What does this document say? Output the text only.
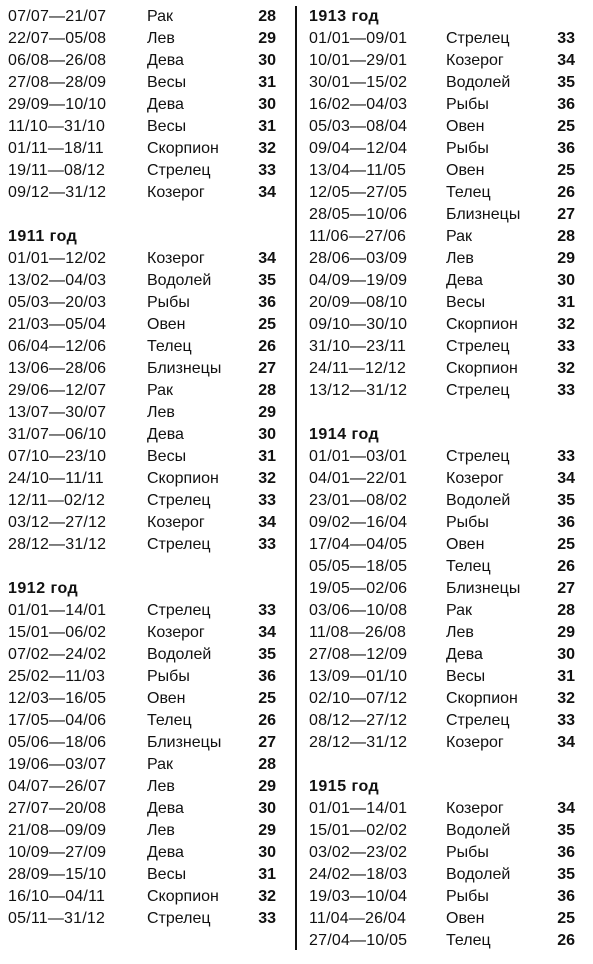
07/07—21/07	Рак	28
22/07—05/08	Лев	29
06/08—26/08	Дева	30
27/08—28/09	Весы	31
29/09—10/10	Дева	30
11/10—31/10	Весы	31
01/11—18/11	Скорпион 32
19/11—08/12	Стрелец	33
09/12—31/12	Козерог	34
1911 год
01/01—12/02	Козерог	34
13/02—04/03	Водолей	35
05/03—20/03	Рыбы	36
21/03—05/04	Овен	25
06/04—12/06	Телец	26
13/06—28/06	Близнецы 27
29/06—12/07	Рак	28
13/07—30/07	Лев	29
31/07—06/10	Дева	30
07/10—23/10	Весы	31
24/10—11/11	Скорпион 32
12/11—02/12	Стрелец	33
03/12—27/12	Козерог	34
28/12—31/12	Стрелец	33
1912 год
01/01—14/01	Стрелец	33
15/01—06/02	Козерог	34
07/02—24/02	Водолей	35
25/02—11/03	Рыбы	36
12/03—16/05	Овен	25
17/05—04/06	Телец	26
05/06—18/06	Близнецы 27
19/06—03/07	Рак	28
04/07—26/07	Лев	29
27/07—20/08	Дева	30
21/08—09/09	Лев	29
10/09—27/09	Дева	30
28/09—15/10	Весы	31
16/10—04/11	Скорпион 32
05/11—31/12	Стрелец	33
1913 год
01/01—09/01 Стрелец	33
10/01—29/01 Козерог	34
30/01—15/02 Водолей	35
16/02—04/03 Рыбы	36
05/03—08/04 Овен	25
09/04—12/04 Рыбы	36
13/04—11/05 Овен	25
12/05—27/05 Телец	26
28/05—10/06 Близнецы 27
11/06—27/06 Рак	28
28/06—03/09 Лев	29
04/09—19/09 Дева	30
20/09—08/10 Весы	31
09/10—30/10 Скорпион 32
31/10—23/11 Стрелец	33
24/11—12/12 Скорпион 32
13/12—31/12 Стрелец	33
1914 год
01/01—03/01 Стрелец	33
04/01—22/01 Козерог	34
23/01—08/02 Водолей	35
09/02—16/04 Рыбы	36
17/04—04/05 Овен	25
05/05—18/05 Телец	26
19/05—02/06 Близнецы 27
03/06—10/08 Рак	28
11/08—26/08 Лев	29
27/08—12/09 Дева	30
13/09—01/10 Весы	31
02/10—07/12 Скорпион 32
08/12—27/12 Стрелец	33
28/12—31/12 Козерог	34
1915 год
01/01—14/01 Козерог	34
15/01—02/02 Водолей	35
03/02—23/02 Рыбы	36
24/02—18/03 Водолей	35
19/03—10/04 Рыбы	36
11/04—26/04 Овен	25
27/04—10/05 Телец	26
